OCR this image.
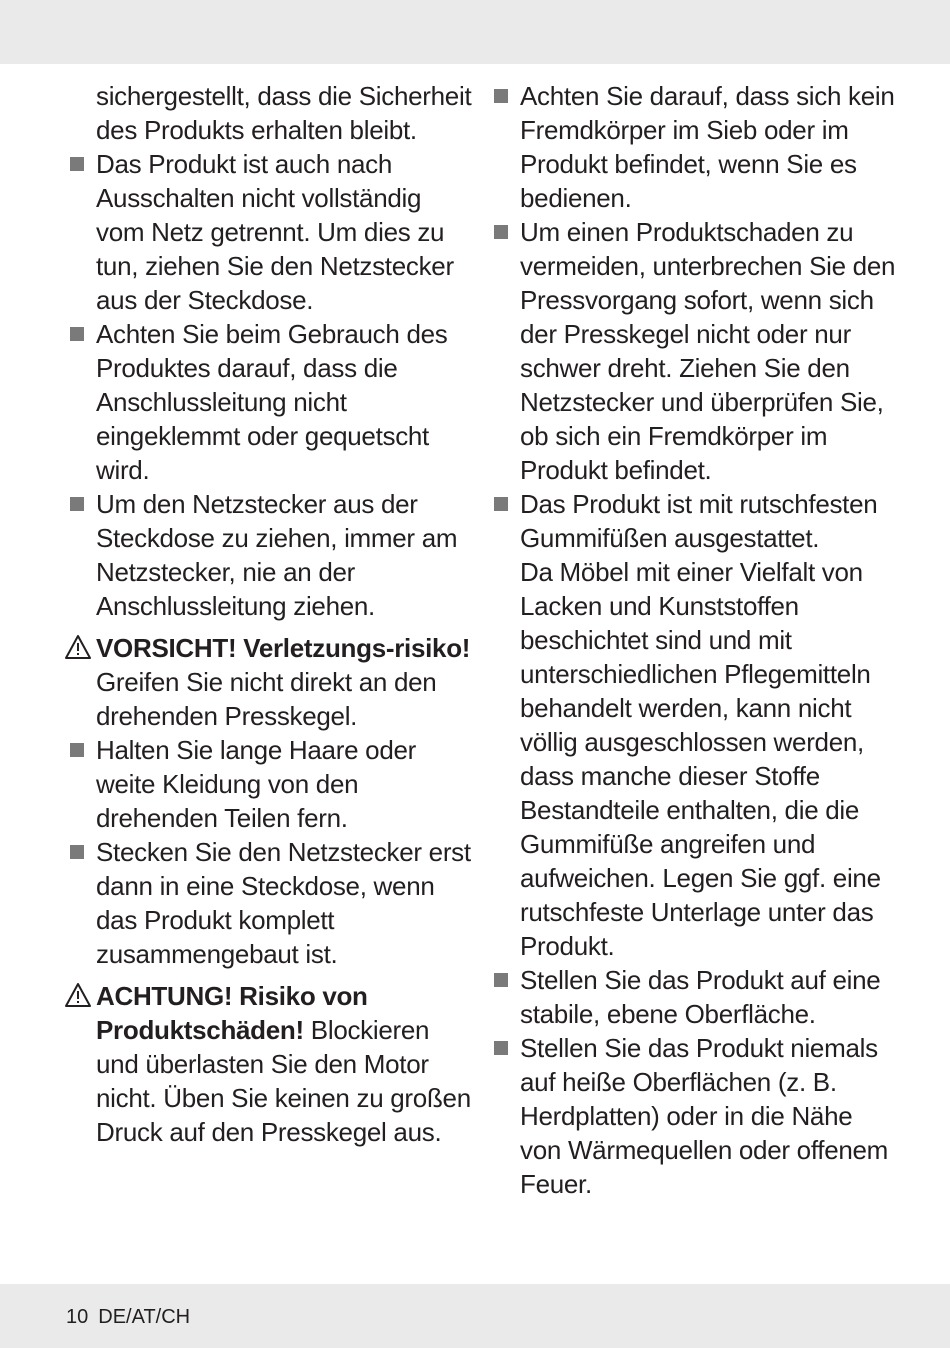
sichergestellt, dass die Sicherheit des Produkts erhalten bleibt.

Das Produkt ist auch nach Ausschalten nicht vollständig vom Netz getrennt. Um dies zu tun, ziehen Sie den Netzstecker aus der Steckdose.

Achten Sie beim Gebrauch des Produktes darauf, dass die Anschlussleitung nicht eingeklemmt oder gequetscht wird.

Um den Netzstecker aus der Steckdose zu ziehen, immer am Netzstecker, nie an der Anschlussleitung ziehen.

VORSICHT! Verletzungs-risiko! Greifen Sie nicht direkt an den drehenden Presskegel.

Halten Sie lange Haare oder weite Kleidung von den drehenden Teilen fern.

Stecken Sie den Netzstecker erst dann in eine Steckdose, wenn das Produkt komplett zusammengebaut ist.

ACHTUNG! Risiko von Produktschäden! Blockieren und überlasten Sie den Motor nicht. Üben Sie keinen zu großen Druck auf den Presskegel aus.

Achten Sie darauf, dass sich kein Fremdkörper im Sieb oder im Produkt befindet, wenn Sie es bedienen.

Um einen Produktschaden zu vermeiden, unterbrechen Sie den Pressvorgang sofort, wenn sich der Presskegel nicht oder nur schwer dreht. Ziehen Sie den Netzstecker und überprüfen Sie, ob sich ein Fremdkörper im Produkt befindet.

Das Produkt ist mit rutschfesten Gummifüßen ausgestattet.

Da Möbel mit einer Vielfalt von Lacken und Kunststoffen beschichtet sind und mit unterschiedlichen Pflegemitteln behandelt werden, kann nicht völlig ausgeschlossen werden, dass manche dieser Stoffe Bestandteile enthalten, die die Gummifüße angreifen und aufweichen. Legen Sie ggf. eine rutschfeste Unterlage unter das Produkt.

Stellen Sie das Produkt auf eine stabile, ebene Oberfläche.

Stellen Sie das Produkt niemals auf heiße Oberflächen (z. B. Herdplatten) oder in die Nähe von Wärmequellen oder offenem Feuer.

10 DE/AT/CH
